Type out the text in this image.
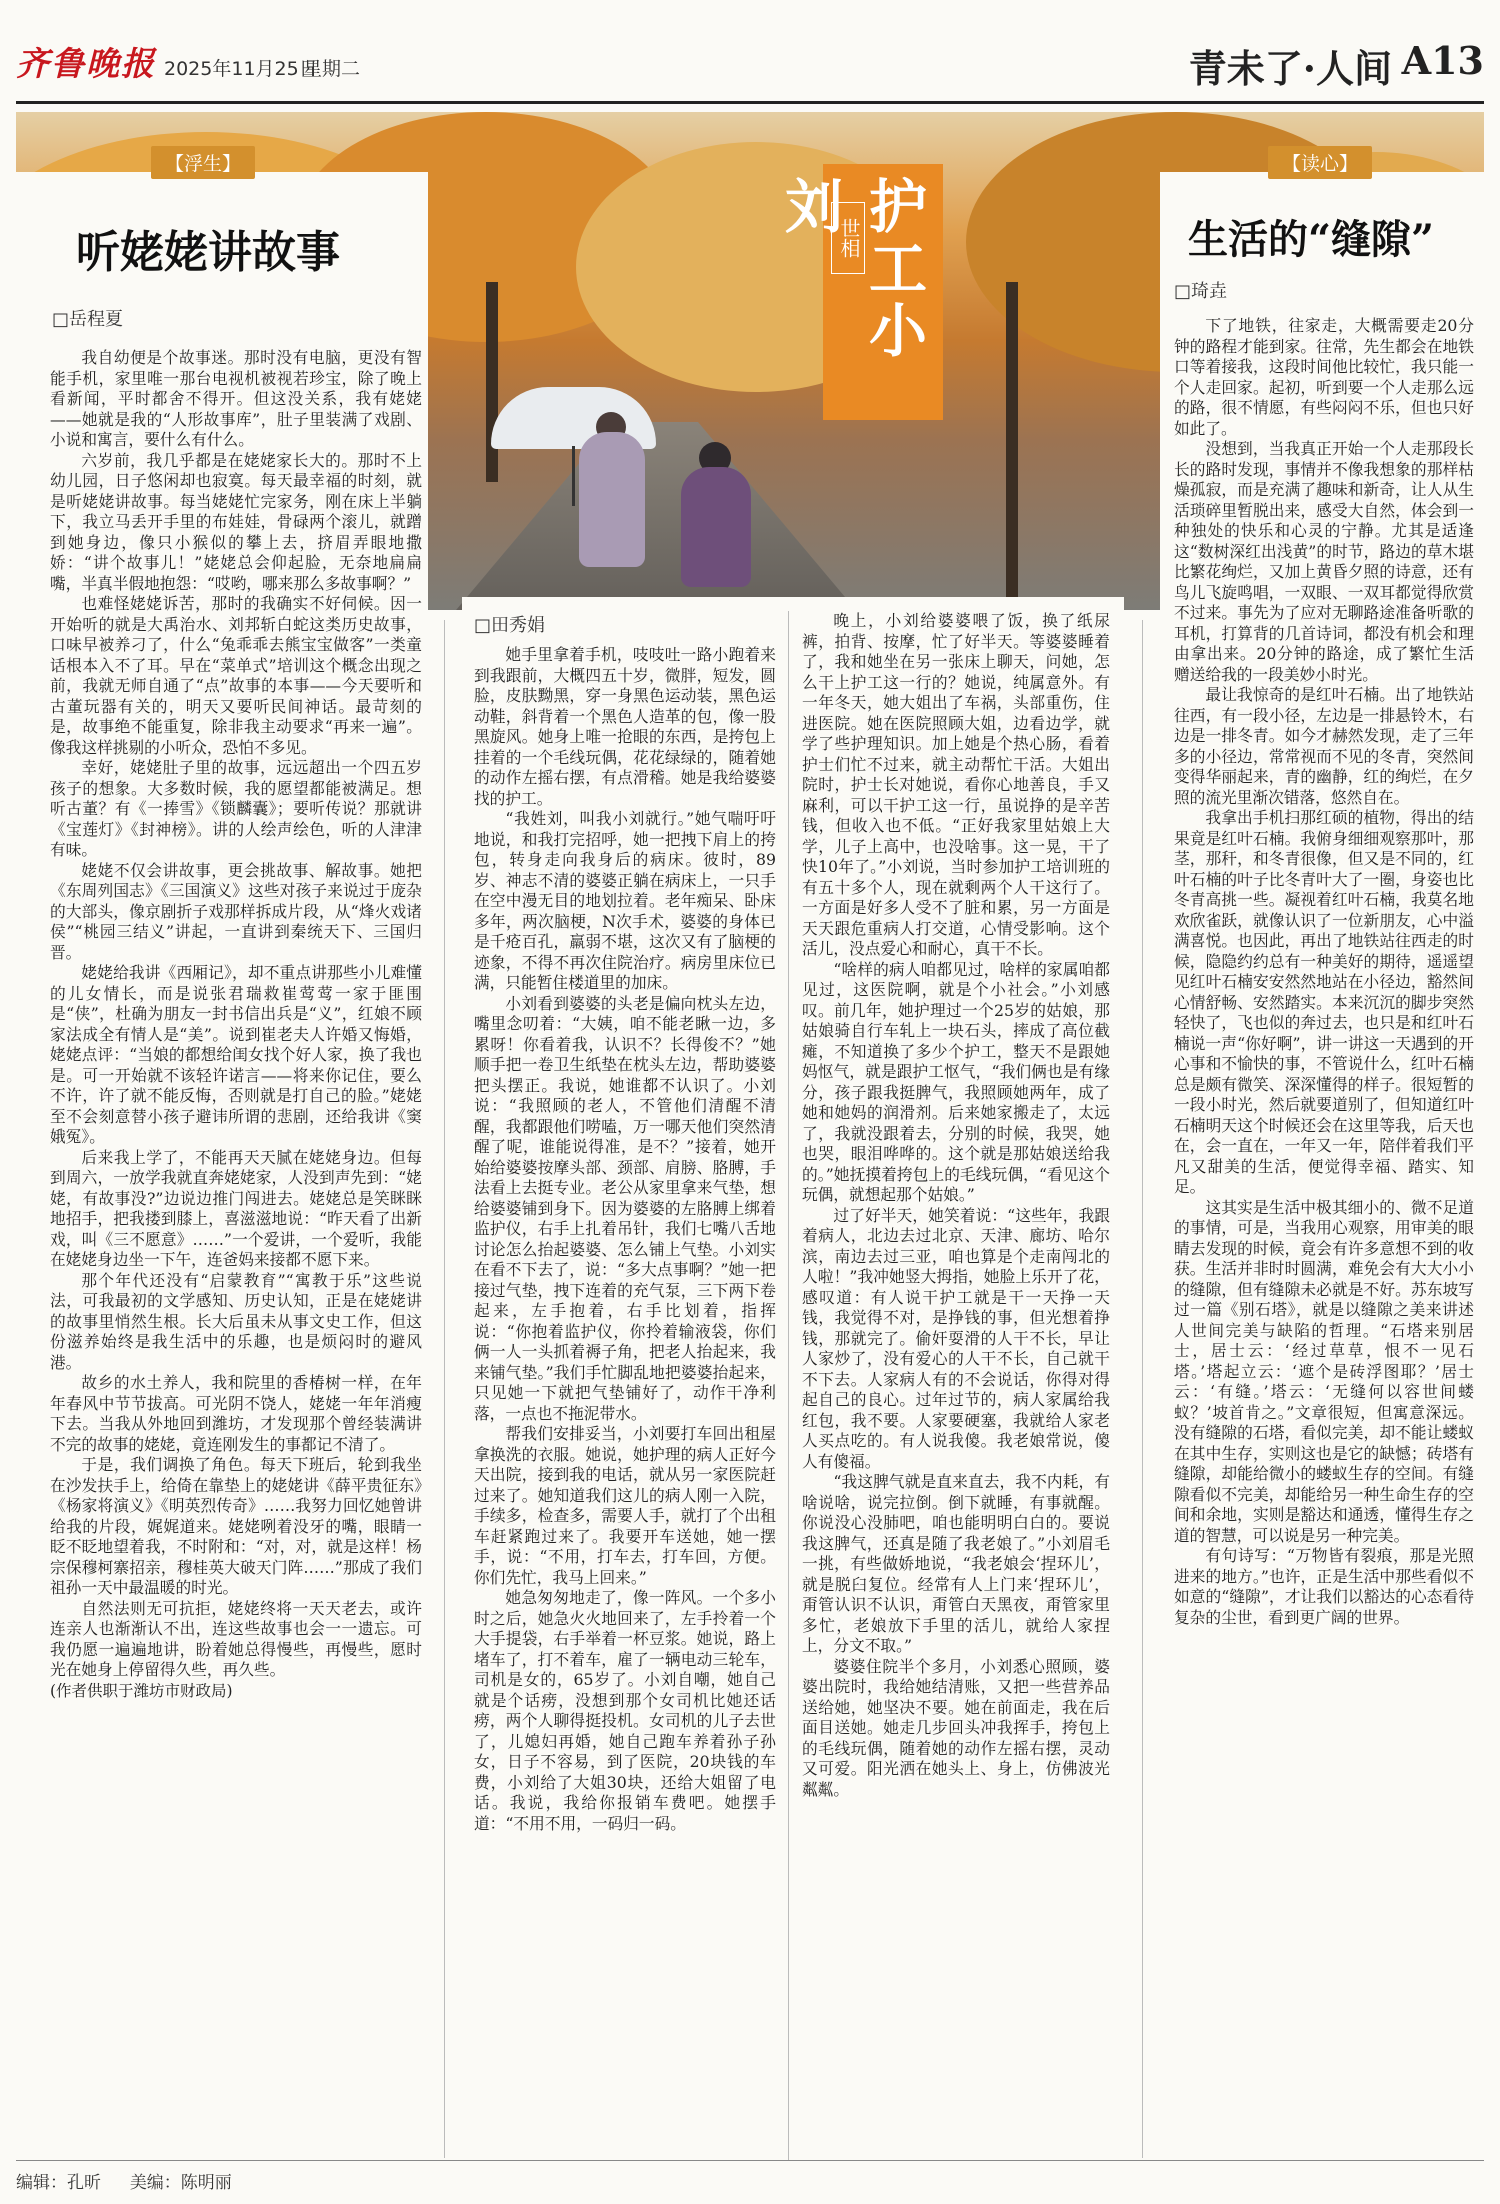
齐鲁晚报 2025年11月25日
星期二	青未了·人间 A13
【浮生】
听姥姥讲故事
□岳程夏

我自幼便是个故事迷。那时没有电脑，更没有智能手机，家里唯一那台电视机被视若珍宝，除了晚上看新闻，平时都舍不得开。但这没关系，我有姥姥——她就是我的“人形故事库”，肚子里装满了戏剧、小说和寓言，要什么有什么。

六岁前，我几乎都是在姥姥家长大的。那时不上幼儿园，日子悠闲却也寂寞。每天最幸福的时刻，就是听姥姥讲故事。每当姥姥忙完家务，刚在床上半躺下，我立马丢开手里的布娃娃，骨碌两个滚儿，就蹭到她身边，像只小猴似的攀上去，挤眉弄眼地撒娇：“讲个故事儿！”姥姥总会仰起脸，无奈地扁扁嘴，半真半假地抱怨：“哎哟，哪来那么多故事啊？”

也难怪姥姥诉苦，那时的我确实不好伺候。因一开始听的就是大禹治水、刘邦斩白蛇这类历史故事，口味早被养刁了，什么“兔乖乖去熊宝宝做客”一类童话根本入不了耳。早在“菜单式”培训这个概念出现之前，我就无师自通了“点”故事的本事——今天要听和古董玩器有关的，明天又要听民间神话。最苛刻的是，故事绝不能重复，除非我主动要求“再来一遍”。像我这样挑剔的小听众，恐怕不多见。

幸好，姥姥肚子里的故事，远远超出一个四五岁孩子的想象。大多数时候，我的愿望都能被满足。想听古董？有《一捧雪》《锁麟囊》；要听传说？那就讲《宝莲灯》《封神榜》。讲的人绘声绘色，听的人津津有味。

姥姥不仅会讲故事，更会挑故事、解故事。她把《东周列国志》《三国演义》这些对孩子来说过于庞杂的大部头，像京剧折子戏那样拆成片段，从“烽火戏诸侯”“桃园三结义”讲起，一直讲到秦统天下、三国归晋。

姥姥给我讲《西厢记》，却不重点讲那些小儿难懂的儿女情长，而是说张君瑞救崔莺莺一家于匪围是“侠”，杜确为朋友一封书信出兵是“义”，红娘不顾家法成全有情人是“美”。说到崔老夫人许婚又悔婚，姥姥点评：“当娘的都想给闺女找个好人家，换了我也是。可一开始就不该轻许诺言——将来你记住，要么不许，许了就不能反悔，否则就是打自己的脸。”姥姥至不会刻意替小孩子避讳所谓的悲剧，还给我讲《窦娥冤》。

后来我上学了，不能再天天腻在姥姥身边。但每到周六，一放学我就直奔姥姥家，人没到声先到：“姥姥，有故事没?”边说边推门闯进去。姥姥总是笑眯眯地招手，把我搂到膝上，喜滋滋地说：“昨天看了出新戏，叫《三不愿意》……”一个爱讲，一个爱听，我能在姥姥身边坐一下午，连爸妈来接都不愿下来。

那个年代还没有“启蒙教育”“寓教于乐”这些说法，可我最初的文学感知、历史认知，正是在姥姥讲的故事里悄然生根。长大后虽未从事文史工作，但这份滋养始终是我生活中的乐趣，也是烦闷时的避风港。

故乡的水土养人，我和院里的香椿树一样，在年年春风中节节拔高。可光阴不饶人，姥姥一年年消瘦下去。当我从外地回到潍坊，才发现那个曾经装满讲不完的故事的姥姥，竟连刚发生的事都记不清了。

于是，我们调换了角色。每天下班后，轮到我坐在沙发扶手上，给倚在靠垫上的姥姥讲《薛平贵征东》《杨家将演义》《明英烈传奇》……我努力回忆她曾讲给我的片段，娓娓道来。姥姥咧着没牙的嘴，眼睛一眨不眨地望着我，不时附和：“对，对，就是这样！杨宗保穆柯寨招亲，穆桂英大破天门阵……”那成了我们祖孙一天中最温暖的时光。

自然法则无可抗拒，姥姥终将一天天老去，或许连亲人也渐渐认不出，连这些故事也会一一遗忘。可我仍愿一遍遍地讲，盼着她总得慢些，再慢些，愿时光在她身上停留得久些，再久些。

(作者供职于潍坊市财政局)

世相
护工小刘
□田秀娟

她手里拿着手机，吱吱吐一路小跑着来到我跟前，大概四五十岁，微胖，短发，圆脸，皮肤黝黑，穿一身黑色运动装，黑色运动鞋，斜背着一个黑色人造革的包，像一股黑旋风。她身上唯一抢眼的东西，是挎包上挂着的一个毛线玩偶，花花绿绿的，随着她的动作左摇右摆，有点滑稽。她是我给婆婆找的护工。

“我姓刘，叫我小刘就行。”她气喘吁吁地说，和我打完招呼，她一把拽下肩上的挎包，转身走向我身后的病床。彼时，89岁、神志不清的婆婆正躺在病床上，一只手在空中漫无目的地划拉着。老年痴呆、卧床多年，两次脑梗，N次手术，婆婆的身体已是千疮百孔，羸弱不堪，这次又有了脑梗的迹象，不得不再次住院治疗。病房里床位已满，只能暂住楼道里的加床。

小刘看到婆婆的头老是偏向枕头左边，嘴里念叨着：“大姨，咱不能老瞅一边，多累呀！你看着我，认识不？长得俊不？”她顺手把一卷卫生纸垫在枕头左边，帮助婆婆把头摆正。我说，她谁都不认识了。小刘说：“我照顾的老人，不管他们清醒不清醒，我都跟他们唠嗑，万一哪天他们突然清醒了呢，谁能说得准，是不？”接着，她开始给婆婆按摩头部、颈部、肩膀、胳膊，手法看上去挺专业。老公从家里拿来气垫，想给婆婆铺到身下。因为婆婆的左胳膊上绑着监护仪，右手上扎着吊针，我们七嘴八舌地讨论怎么抬起婆婆、怎么铺上气垫。小刘实在看不下去了，说：“多大点事啊？”她一把接过气垫，拽下连着的充气泵，三下两下卷起来，左手抱着，右手比划着，指挥说：“你抱着监护仪，你拎着输液袋，你们俩一人一头抓着褥子角，把老人抬起来，我来铺气垫。”我们手忙脚乱地把婆婆抬起来，只见她一下就把气垫铺好了，动作干净利落，一点也不拖泥带水。

帮我们安排妥当，小刘要打车回出租屋拿换洗的衣服。她说，她护理的病人正好今天出院，接到我的电话，就从另一家医院赶过来了。她知道我们这儿的病人刚一入院，手续多，检查多，需要人手，就打了个出租车赶紧跑过来了。我要开车送她，她一摆手，说：“不用，打车去，打车回，方便。你们先忙，我马上回来。”

她急匆匆地走了，像一阵风。一个多小时之后，她急火火地回来了，左手拎着一个大手提袋，右手举着一杯豆浆。她说，路上堵车了，打不着车，雇了一辆电动三轮车，司机是女的，65岁了。小刘自嘲，她自己就是个话痨，没想到那个女司机比她还话痨，两个人聊得挺投机。女司机的儿子去世了，儿媳妇再婚，她自己跑车养着孙子孙女，日子不容易，到了医院，20块钱的车费，小刘给了大姐30块，还给大姐留了电话。我说，我给你报销车费吧。她摆手道：“不用不用，一码归一码。

晚上，小刘给婆婆喂了饭，换了纸尿裤，拍背、按摩，忙了好半天。等婆婆睡着了，我和她坐在另一张床上聊天，问她，怎么干上护工这一行的？她说，纯属意外。有一年冬天，她大姐出了车祸，头部重伤，住进医院。她在医院照顾大姐，边看边学，就学了些护理知识。加上她是个热心肠，看着护士们忙不过来，就主动帮忙干活。大姐出院时，护士长对她说，看你心地善良，手又麻利，可以干护工这一行，虽说挣的是辛苦钱，但收入也不低。“正好我家里姑娘上大学，儿子上高中，也没啥事。这一晃，干了快10年了。”小刘说，当时参加护工培训班的有五十多个人，现在就剩两个人干这行了。一方面是好多人受不了脏和累，另一方面是天天跟危重病人打交道，心情受影响。这个活儿，没点爱心和耐心，真干不长。

“啥样的病人咱都见过，啥样的家属咱都见过，这医院啊，就是个小社会。”小刘感叹。前几年，她护理过一个25岁的姑娘，那姑娘骑自行车轧上一块石头，摔成了高位截瘫，不知道换了多少个护工，整天不是跟她妈怄气，就是跟护工怄气，“我们俩也是有缘分，孩子跟我挺脾气，我照顾她两年，成了她和她妈的润滑剂。后来她家搬走了，太远了，我就没跟着去，分别的时候，我哭，她也哭，眼泪哗哗的。这个就是那姑娘送给我的。”她抚摸着挎包上的毛线玩偶，“看见这个玩偶，就想起那个姑娘。”

过了好半天，她笑着说：“这些年，我跟着病人，北边去过北京、天津、廊坊、哈尔滨，南边去过三亚，咱也算是个走南闯北的人啦！”我冲她竖大拇指，她脸上乐开了花，感叹道：有人说干护工就是干一天挣一天钱，我觉得不对，是挣钱的事，但光想着挣钱，那就完了。偷奸耍滑的人干不长，早让人家炒了，没有爱心的人干不长，自己就干不下去。人家病人有的不会说话，你得对得起自己的良心。过年过节的，病人家属给我红包，我不要。人家要硬塞，我就给人家老人买点吃的。有人说我傻。我老娘常说，傻人有傻福。

“我这脾气就是直来直去，我不内耗，有啥说啥，说完拉倒。倒下就睡，有事就醒。你说没心没肺吧，咱也能明明白白的。要说我这脾气，还真是随了我老娘了。”小刘眉毛一挑，有些做娇地说，“我老娘会‘捏环儿’，就是脱臼复位。经常有人上门来‘捏环儿’，甭管认识不认识，甭管白天黑夜，甭管家里多忙，老娘放下手里的活儿，就给人家捏上，分文不取。”

婆婆住院半个多月，小刘悉心照顾，婆婆出院时，我给她结清账，又把一些营养品送给她，她坚决不要。她在前面走，我在后面目送她。她走几步回头冲我挥手，挎包上的毛线玩偶，随着她的动作左摇右摆，灵动又可爱。阳光洒在她头上、身上，仿佛波光粼粼。

【读心】
生活的“缝隙”
□琦垚

下了地铁，往家走，大概需要走20分钟的路程才能到家。往常，先生都会在地铁口等着接我，这段时间他比较忙，我只能一个人走回家。起初，听到要一个人走那么远的路，很不情愿，有些闷闷不乐，但也只好如此了。

没想到，当我真正开始一个人走那段长长的路时发现，事情并不像我想象的那样枯燥孤寂，而是充满了趣味和新奇，让人从生活琐碎里暂脱出来，感受大自然，体会到一种独处的快乐和心灵的宁静。尤其是适逢这“数树深红出浅黄”的时节，路边的草木堪比繁花绚烂，又加上黄昏夕照的诗意，还有鸟儿飞旋鸣唱，一双眼、一双耳都觉得欣赏不过来。事先为了应对无聊路途准备听歌的耳机，打算背的几首诗词，都没有机会和理由拿出来。20分钟的路途，成了繁忙生活赠送给我的一段美妙小时光。

最让我惊奇的是红叶石楠。出了地铁站往西，有一段小径，左边是一排悬铃木，右边是一排冬青。如今才赫然发现，走了三年多的小径边，常常视而不见的冬青，突然间变得华丽起来，青的幽静，红的绚烂，在夕照的流光里渐次错落，悠然自在。

我拿出手机扫那红硕的植物，得出的结果竟是红叶石楠。我俯身细细观察那叶，那茎，那秆，和冬青很像，但又是不同的，红叶石楠的叶子比冬青叶大了一圈，身姿也比冬青高挑一些。凝视着红叶石楠，我莫名地欢欣雀跃，就像认识了一位新朋友，心中溢满喜悦。也因此，再出了地铁站往西走的时候，隐隐约约总有一种美好的期待，遥遥望见红叶石楠安安然然地站在小径边，豁然间心情舒畅、安然踏实。本来沉沉的脚步突然轻快了，飞也似的奔过去，也只是和红叶石楠说一声“你好啊”，讲一讲这一天遇到的开心事和不愉快的事，不管说什么，红叶石楠总是颇有微笑、深深懂得的样子。很短暂的一段小时光，然后就要道别了，但知道红叶石楠明天这个时候还会在这里等我，后天也在，会一直在，一年又一年，陪伴着我们平凡又甜美的生活，便觉得幸福、踏实、知足。

这其实是生活中极其细小的、微不足道的事情，可是，当我用心观察，用审美的眼睛去发现的时候，竟会有许多意想不到的收获。生活并非时时圆满，难免会有大大小小的缝隙，但有缝隙未必就是不好。苏东坡写过一篇《别石塔》，就是以缝隙之美来讲述人世间完美与缺陷的哲理。“石塔来别居士，居士云：‘经过草草，恨不一见石塔。’塔起立云：‘遮个是砖浮图耶？’居士云：‘有缝。’塔云：‘无缝何以容世间蝼蚁？’坡首肯之。”文章很短，但寓意深远。没有缝隙的石塔，看似完美，却不能让蝼蚁在其中生存，实则这也是它的缺憾；砖塔有缝隙，却能给微小的蝼蚁生存的空间。有缝隙看似不完美，却能给另一种生命生存的空间和余地，实则是豁达和通透，懂得生存之道的智慧，可以说是另一种完美。

有句诗写：“万物皆有裂痕，那是光照进来的地方。”也许，正是生活中那些看似不如意的“缝隙”，才让我们以豁达的心态看待复杂的尘世，看到更广阔的世界。

编辑：孔昕 美编：陈明丽
